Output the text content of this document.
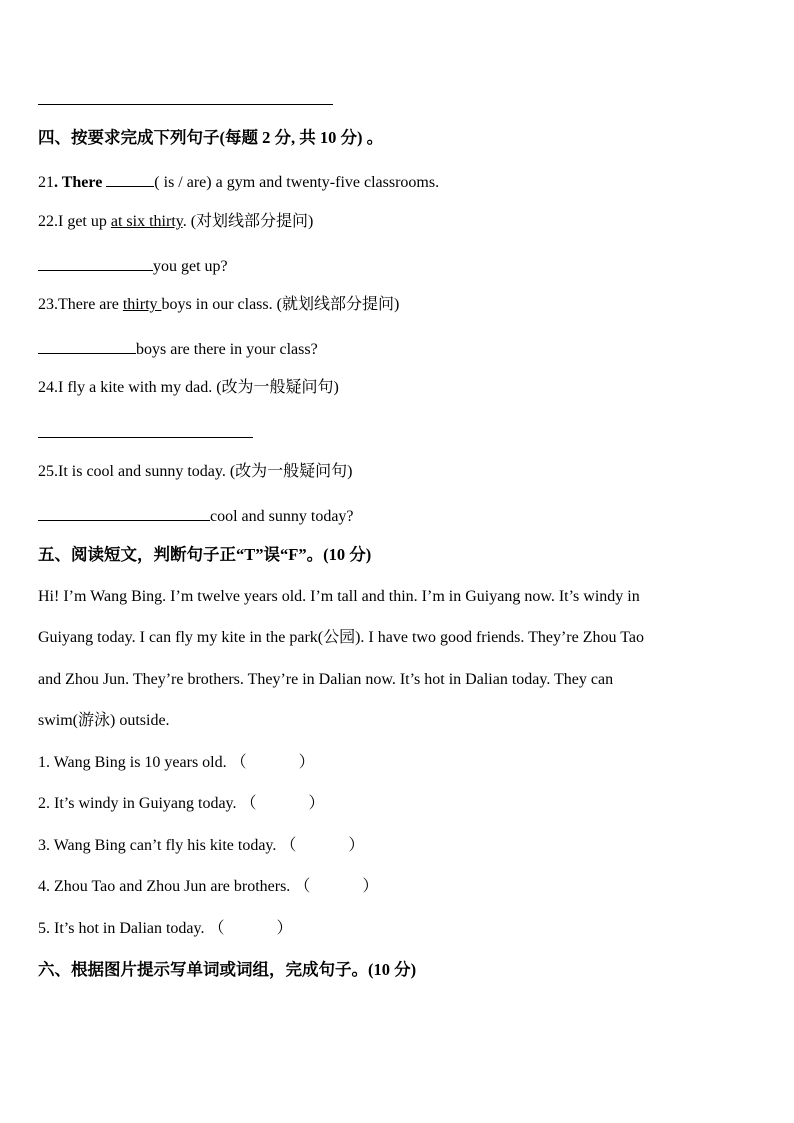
四、按要求完成下列句子(每题 2 分, 共 10 分) 。
21. There	( is / are) a gym and twenty-five classrooms.
22.I get up at six thirty. (对划线部分提问)
you get up?
23.There are thirty boys in our class. (就划线部分提问)
boys are there in your class?
24.I fly a kite with my dad. (改为一般疑问句)
25.It is cool and sunny today. (改为一般疑问句)
cool and sunny today?
五、阅读短文，判断句子正“T”误“F”。(10 分)
Hi! I’m Wang Bing. I’m twelve years old. I’m tall and thin. I’m in Guiyang now. It’s windy in
Guiyang today. I can fly my kite in the park(公园). I have two good friends. They’re Zhou Tao
and Zhou Jun. They’re brothers. They’re in Dalian now. It’s hot in Dalian today. They can
swim(游泳) outside.
1. Wang Bing is 10 years old. （	）
2. It’s windy in Guiyang today. （	）
3. Wang Bing can’t fly his kite today. （	）
4. Zhou Tao and Zhou Jun are brothers. （	）
5. It’s hot in Dalian today. （	）
六、根据图片提示写单词或词组，完成句子。(10 分)
